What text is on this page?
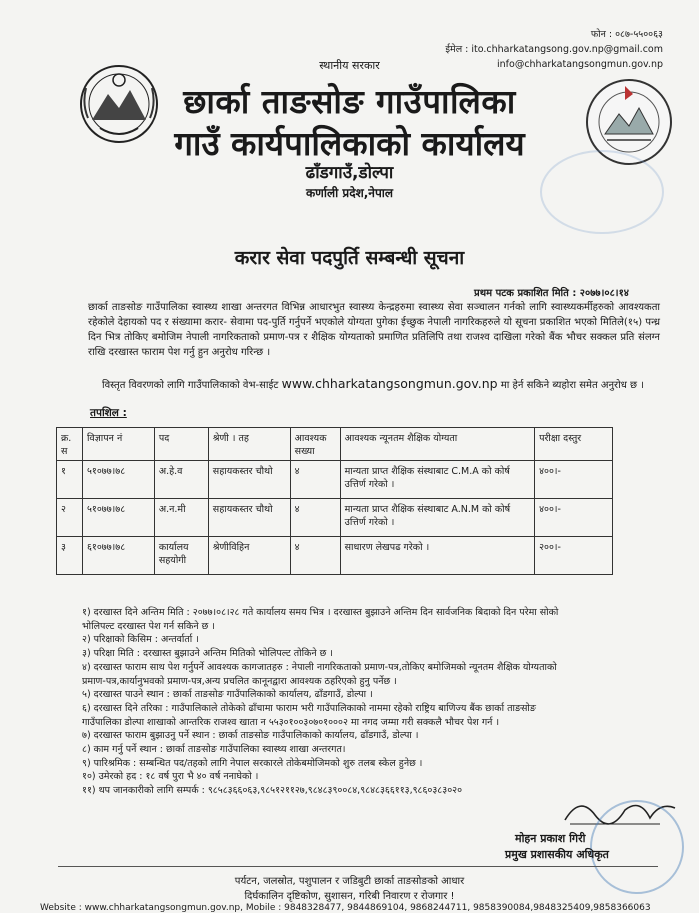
फोन : ०८७-५५००६३
ईमेल : ito.chharkatangsong.gov.np@gmail.com
info@chharkatangsongmun.gov.np
स्थानीय सरकार
छार्का ताङसोङ गाउँपालिका
गाउँ कार्यपालिकाको कार्यालय
ढाँडगाउँ,डोल्पा
कर्णाली प्रदेश,नेपाल
करार सेवा पदपुर्ति सम्बन्धी सूचना
प्रथम पटक प्रकाशित मिति : २०७७।०८।१४
छार्का ताङसोङ गाउँपालिका स्वास्थ्य शाखा अन्तरगत विभिन्न आधारभुत स्वास्थ्य केन्द्रहरुमा स्वास्थ्य सेवा सञ्चालन गर्नको लागि स्वास्थ्यकर्मीहरुको आवश्यकता रहेकोले देहायको पद र संख्यामा करार- सेवामा पद-पुर्ति गर्नुपर्ने भएकोले योग्यता पुगेका ईच्छुक नेपाली नागरिकहरुले यो सूचना प्रकाशित भएको मितिले(१५) पन्ध्र दिन भित्र तोकिए बमोजिम नेपाली नागरिकताको प्रमाण-पत्र र शैक्षिक योग्यताको प्रमाणित प्रतिलिपि तथा राजश्व दाखिला गरेको बैंक भौचर सक्कल प्रति संलग्न राखि दरखास्त फाराम पेश गर्नु हुन अनुरोध गरिन्छ ।
विस्तृत विवरणको लागि गाउँपालिकाको वेभ-साईट www.chharkatangsongmun.gov.np मा हेर्न सकिने ब्यहोरा समेत अनुरोध छ ।
तपशिल :
क्र. स	विज्ञापन नं	पद	श्रेणी । तह	आवश्यक सख्या	आवश्यक न्यूनतम शैक्षिक योग्यता	परीक्षा दस्तुर
१	५१०७७।७८	अ.हे.व	सहायकस्तर चौथो	४	मान्यता प्राप्त शैक्षिक संस्थाबाट C.M.A को कोर्ष उत्तिर्ण गरेको ।	४००।-
२	५१०७७।७८	अ.न.मी	सहायकस्तर चौथो	४	मान्यता प्राप्त शैक्षिक संस्थाबाट A.N.M को कोर्ष उत्तिर्ण गरेको ।	४००।-
३	६१०७७।७८	कार्यालय सहयोगी	श्रेणीविहिन	४	साधारण लेखपढ गरेको ।	२००।-
१) दरखास्त दिने अन्तिम मिति : २०७७।०८।२८ गते कार्यालय समय भित्र । दरखास्त बुझाउने अन्तिम दिन सार्वजनिक बिदाको दिन परेमा सोको
भोलिपल्ट दरखास्त पेश गर्न सकिने छ ।
२) परिक्षाको किसिम : अन्तर्वार्ता ।
३) परिक्षा मिति : दरखास्त बुझाउने अन्तिम मितिको भोलिपल्ट तोकिने छ ।
४) दरखास्त फाराम साथ पेश गर्नुपर्ने आवश्यक कागजातहरु : नेपाली नागरिकताको प्रमाण-पत्र,तोकिए बमोजिमको न्यूनतम शैक्षिक योग्यताको
प्रमाण-पत्र,कार्यानुभवको प्रमाण-पत्र,अन्य प्रचलित कानूनद्वारा आवश्यक ठहरिएको हुनु पर्नेछ ।
५) दरखास्त पाउने स्थान : छार्का ताङसोङ गाउँपालिकाको कार्यालय, ढाँडगाउँ, डोल्पा ।
६) दरखास्त दिने तरिका : गाउँपालिकाले तोकेको ढाँचामा फाराम भरी गाउँपालिकाको नाममा रहेको राष्ट्रिय बाणिज्य बैंक छार्का ताङसोङ
गाउँपालिका डोल्पा शाखाको आन्तरिक राजश्व खाता न ५५३०१००३०७०१०००२ मा नगद जम्मा गरी सक्कलै भौचर पेश गर्न ।
७) दरखास्त फाराम बुझाउनु पर्ने स्थान : छार्का ताङसोङ गाउँपालिकाको कार्यालय, ढाँडगाउँ, डोल्पा ।
८) काम गर्नु पर्ने स्थान : छार्का ताङसोङ गाउँपालिका स्वास्थ्य शाखा अन्तरगत।
९) पारिश्रमिक : सम्बन्धित पद/तहको लागि नेपाल सरकारले तोकेबमोजिमको शुरु तलब स्केल हुनेछ ।
१०) उमेरको हद : १८ वर्ष पुरा भै ४० वर्ष ननाघेको ।
११) थप जानकारीको लागि सम्पर्क : ९८५८३६६०६३,९८५१२११२७,९८४८३९००८४,९८४८३६६११३,९८६०३८३०२०
मोहन प्रकाश गिरी
प्रमुख प्रशासकीय अधिकृत
पर्यटन, जलस्रोत, पशुपालन र जडिबुटी छार्का ताङसोङको आधार
दिर्घकालिन दृष्टिकोण, सुशासन, गरिबी निवारण र रोजगार !
Website : www.chharkatangsongmun.gov.np, Mobile : 9848328477, 9844869104, 9868244711, 9858390084,9848325409,9858366063
